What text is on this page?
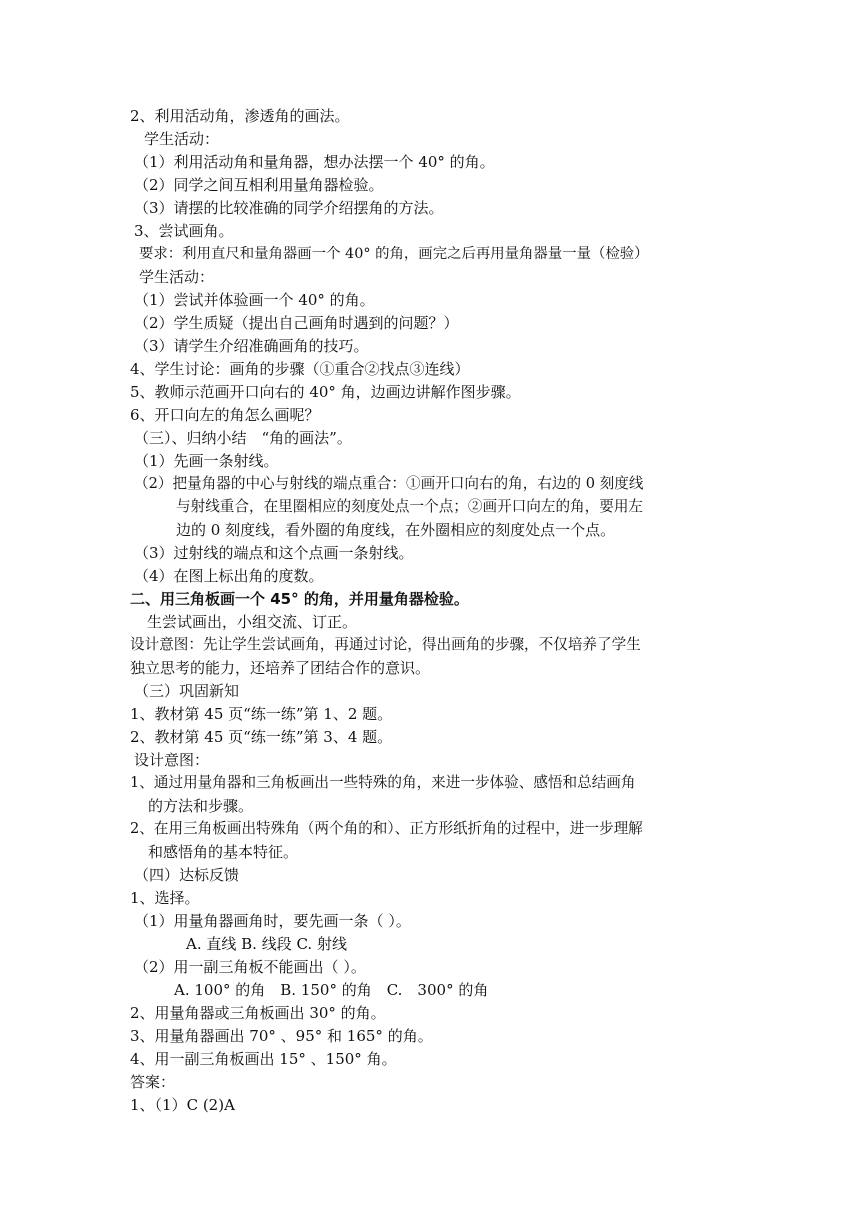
2、利用活动角，渗透角的画法。
学生活动：
（1）利用活动角和量角器，想办法摆一个 40° 的角。
（2）同学之间互相利用量角器检验。
（3）请摆的比较准确的同学介绍摆角的方法。
3、尝试画角。
要求：利用直尺和量角器画一个 40° 的角，画完之后再用量角器量一量（检验）
学生活动：
（1）尝试并体验画一个 40° 的角。
（2）学生质疑（提出自己画角时遇到的问题？）
（3）请学生介绍准确画角的技巧。
4、学生讨论：画角的步骤（①重合②找点③连线）
5、教师示范画开口向右的 40° 角，边画边讲解作图步骤。
6、开口向左的角怎么画呢？
（三）、归纳小结　“角的画法”。
（1）先画一条射线。
（2）把量角器的中心与射线的端点重合：①画开口向右的角，右边的 0 刻度线
与射线重合，在里圈相应的刻度处点一个点；②画开口向左的角，要用左
边的 0 刻度线，看外圈的角度线，在外圈相应的刻度处点一个点。
（3）过射线的端点和这个点画一条射线。
（4）在图上标出角的度数。
二、用三角板画一个 45° 的角，并用量角器检验。
生尝试画出，小组交流、订正。
设计意图：先让学生尝试画角，再通过讨论，得出画角的步骤，不仅培养了学生
独立思考的能力，还培养了团结合作的意识。
（三）巩固新知
1、教材第 45 页“练一练”第 1、2 题。
2、教材第 45 页“练一练”第 3、4 题。
设计意图：
1、通过用量角器和三角板画出一些特殊的角，来进一步体验、感悟和总结画角
的方法和步骤。
2、在用三角板画出特殊角（两个角的和）、正方形纸折角的过程中，进一步理解
和感悟角的基本特征。
（四）达标反馈
1、选择。
（1）用量角器画角时，要先画一条（ ）。
A. 直线 B. 线段 C. 射线
（2）用一副三角板不能画出（ ）。
A. 100° 的角　B. 150° 的角　C.　300° 的角
2、用量角器或三角板画出 30° 的角。
3、用量角器画出 70° 、95° 和 165° 的角。
4、用一副三角板画出 15° 、150° 角。
答案：
1、（1）C (2)A
